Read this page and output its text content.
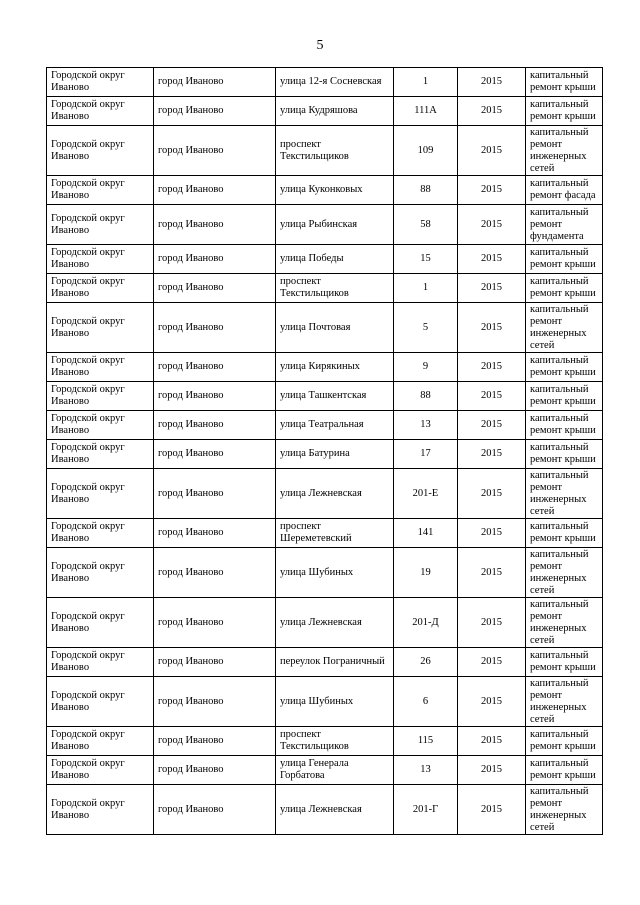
5
Городской округ Иваново	город Иваново	улица 12-я Сосневская	1	2015	капитальный ремонт крыши
Городской округ Иваново	город Иваново	улица Кудряшова	111А	2015	капитальный ремонт крыши
Городской округ Иваново	город Иваново	проспект Текстильщиков	109	2015	капитальный ремонт инженерных сетей
Городской округ Иваново	город Иваново	улица Куконковых	88	2015	капитальный ремонт фасада
Городской округ Иваново	город Иваново	улица Рыбинская	58	2015	капитальный ремонт фундамента
Городской округ Иваново	город Иваново	улица Победы	15	2015	капитальный ремонт крыши
Городской округ Иваново	город Иваново	проспект Текстильщиков	1	2015	капитальный ремонт крыши
Городской округ Иваново	город Иваново	улица Почтовая	5	2015	капитальный ремонт инженерных сетей
Городской округ Иваново	город Иваново	улица Кирякиных	9	2015	капитальный ремонт крыши
Городской округ Иваново	город Иваново	улица Ташкентская	88	2015	капитальный ремонт крыши
Городской округ Иваново	город Иваново	улица Театральная	13	2015	капитальный ремонт крыши
Городской округ Иваново	город Иваново	улица Батурина	17	2015	капитальный ремонт крыши
Городской округ Иваново	город Иваново	улица Лежневская	201-Е	2015	капитальный ремонт инженерных сетей
Городской округ Иваново	город Иваново	проспект Шереметевский	141	2015	капитальный ремонт крыши
Городской округ Иваново	город Иваново	улица Шубиных	19	2015	капитальный ремонт инженерных сетей
Городской округ Иваново	город Иваново	улица Лежневская	201-Д	2015	капитальный ремонт инженерных сетей
Городской округ Иваново	город Иваново	переулок Пограничный	26	2015	капитальный ремонт крыши
Городской округ Иваново	город Иваново	улица Шубиных	6	2015	капитальный ремонт инженерных сетей
Городской округ Иваново	город Иваново	проспект Текстильщиков	115	2015	капитальный ремонт крыши
Городской округ Иваново	город Иваново	улица Генерала Горбатова	13	2015	капитальный ремонт крыши
Городской округ Иваново	город Иваново	улица Лежневская	201-Г	2015	капитальный ремонт инженерных сетей
